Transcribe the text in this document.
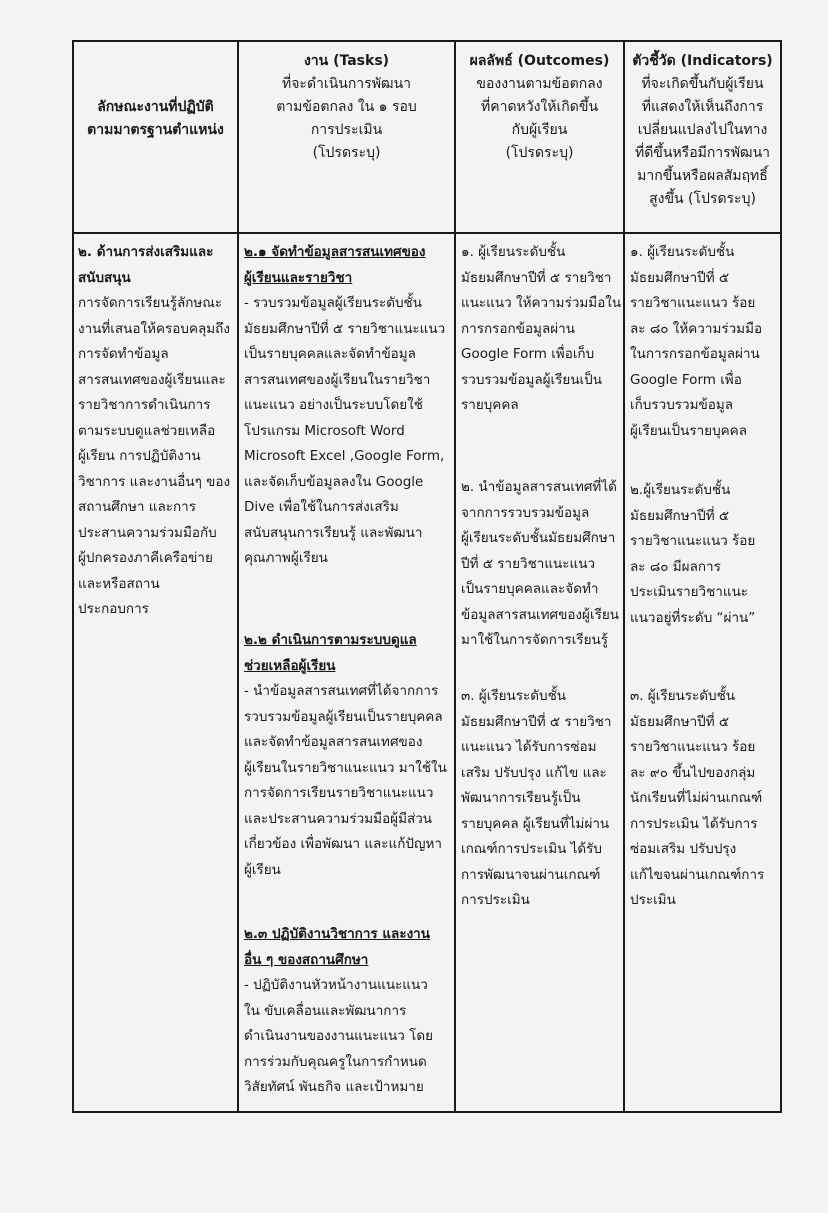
ลักษณะงานที่ปฏิบัติ
ตามมาตรฐานตำแหน่ง
งาน (Tasks)
ที่จะดำเนินการพัฒนา
ตามข้อตกลง ใน ๑ รอบ
การประเมิน
(โปรดระบุ)
ผลลัพธ์ (Outcomes)
ของงานตามข้อตกลง
ที่คาดหวังให้เกิดขึ้น
กับผู้เรียน
(โปรดระบุ)
ตัวชี้วัด (Indicators)
ที่จะเกิดขึ้นกับผู้เรียน
ที่แสดงให้เห็นถึงการ
เปลี่ยนแปลงไปในทาง
ที่ดีขึ้นหรือมีการพัฒนา
มากขึ้นหรือผลสัมฤทธิ์
สูงขึ้น (โปรดระบุ)
๒. ด้านการส่งเสริมและ
สนับสนุน
การจัดการเรียนรู้ลักษณะ
งานที่เสนอให้ครอบคลุมถึง
การจัดทำข้อมูล
สารสนเทศของผู้เรียนและ
รายวิชาการดำเนินการ
ตามระบบดูแลช่วยเหลือ
ผู้เรียน การปฏิบัติงาน
วิชาการ และงานอื่นๆ ของ
สถานศึกษา และการ
ประสานความร่วมมือกับ
ผู้ปกครองภาคีเครือข่าย
และหรือสถาน
ประกอบการ
๒.๑ จัดทำข้อมูลสารสนเทศของ
ผู้เรียนและรายวิชา
- รวบรวมข้อมูลผู้เรียนระดับชั้น
มัธยมศึกษาปีที่ ๕ รายวิชาแนะแนว
เป็นรายบุคคลและจัดทำข้อมูล
สารสนเทศของผู้เรียนในรายวิชา
แนะแนว อย่างเป็นระบบโดยใช้
โปรแกรม Microsoft Word
Microsoft Excel ,Google Form,
และจัดเก็บข้อมูลลงใน Google
Dive เพื่อใช้ในการส่งเสริม
สนับสนุนการเรียนรู้ และพัฒนา
คุณภาพผู้เรียน
๒.๒ ดำเนินการตามระบบดูแล
ช่วยเหลือผู้เรียน
- นำข้อมูลสารสนเทศที่ได้จากการ
รวบรวมข้อมูลผู้เรียนเป็นรายบุคคล
และจัดทำข้อมูลสารสนเทศของ
ผู้เรียนในรายวิชาแนะแนว มาใช้ใน
การจัดการเรียนรายวิชาแนะแนว
และประสานความร่วมมือผู้มีส่วน
เกี่ยวข้อง เพื่อพัฒนา และแก้ปัญหา
ผู้เรียน
๒.๓ ปฏิบัติงานวิชาการ และงาน
อื่น ๆ ของสถานศึกษา
- ปฏิบัติงานหัวหน้างานแนะแนว
ใน ขับเคลื่อนและพัฒนาการ
ดำเนินงานของงานแนะแนว โดย
การร่วมกับคุณครูในการกำหนด
วิสัยทัศน์ พันธกิจ และเป้าหมาย
๑. ผู้เรียนระดับชั้น
มัธยมศึกษาปีที่ ๕ รายวิชา
แนะแนว ให้ความร่วมมือใน
การกรอกข้อมูลผ่าน
Google Form เพื่อเก็บ
รวบรวมข้อมูลผู้เรียนเป็น
รายบุคคล
๒. นำข้อมูลสารสนเทศที่ได้
จากการรวบรวมข้อมูล
ผู้เรียนระดับชั้นมัธยมศึกษา
ปีที่ ๕ รายวิชาแนะแนว
เป็นรายบุคคลและจัดทำ
ข้อมูลสารสนเทศของผู้เรียน
มาใช้ในการจัดการเรียนรู้
๓. ผู้เรียนระดับชั้น
มัธยมศึกษาปีที่ ๕ รายวิชา
แนะแนว ได้รับการซ่อม
เสริม ปรับปรุง แก้ไข และ
พัฒนาการเรียนรู้เป็น
รายบุคคล ผู้เรียนที่ไม่ผ่าน
เกณฑ์การประเมิน ได้รับ
การพัฒนาจนผ่านเกณฑ์
การประเมิน
๑. ผู้เรียนระดับชั้น
มัธยมศึกษาปีที่ ๕
รายวิชาแนะแนว ร้อย
ละ ๘๐ ให้ความร่วมมือ
ในการกรอกข้อมูลผ่าน
Google Form เพื่อ
เก็บรวบรวมข้อมูล
ผู้เรียนเป็นรายบุคคล
๒.ผู้เรียนระดับชั้น
มัธยมศึกษาปีที่ ๕
รายวิชาแนะแนว ร้อย
ละ ๘๐ มีผลการ
ประเมินรายวิชาแนะ
แนวอยู่ที่ระดับ “ผ่าน”
๓. ผู้เรียนระดับชั้น
มัธยมศึกษาปีที่ ๕
รายวิชาแนะแนว ร้อย
ละ ๙๐ ขึ้นไปของกลุ่ม
นักเรียนที่ไม่ผ่านเกณฑ์
การประเมิน ได้รับการ
ซ่อมเสริม ปรับปรุง
แก้ไขจนผ่านเกณฑ์การ
ประเมิน
